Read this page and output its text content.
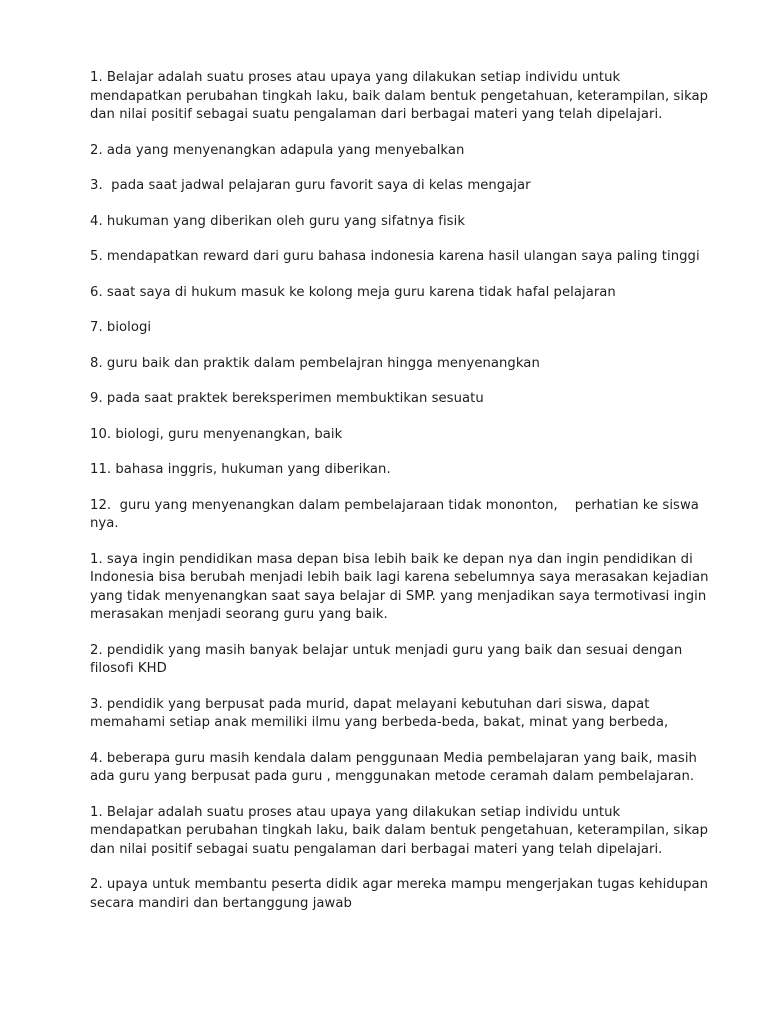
1. Belajar adalah suatu proses atau upaya yang dilakukan setiap individu untuk mendapatkan perubahan tingkah laku, baik dalam bentuk pengetahuan, keterampilan, sikap dan nilai positif sebagai suatu pengalaman dari berbagai materi yang telah dipelajari.

2. ada yang menyenangkan adapula yang menyebalkan

3.  pada saat jadwal pelajaran guru favorit saya di kelas mengajar

4. hukuman yang diberikan oleh guru yang sifatnya fisik

5. mendapatkan reward dari guru bahasa indonesia karena hasil ulangan saya paling tinggi

6. saat saya di hukum masuk ke kolong meja guru karena tidak hafal pelajaran

7. biologi

8. guru baik dan praktik dalam pembelajran hingga menyenangkan

9. pada saat praktek bereksperimen membuktikan sesuatu

10. biologi, guru menyenangkan, baik

11. bahasa inggris, hukuman yang diberikan.

12.  guru yang menyenangkan dalam pembelajaraan tidak mononton,    perhatian ke siswa nya.

1. saya ingin pendidikan masa depan bisa lebih baik ke depan nya dan ingin pendidikan di Indonesia bisa berubah menjadi lebih baik lagi karena sebelumnya saya merasakan kejadian yang tidak menyenangkan saat saya belajar di SMP. yang menjadikan saya termotivasi ingin merasakan menjadi seorang guru yang baik.

2. pendidik yang masih banyak belajar untuk menjadi guru yang baik dan sesuai dengan filosofi KHD

3. pendidik yang berpusat pada murid, dapat melayani kebutuhan dari siswa, dapat memahami setiap anak memiliki ilmu yang berbeda-beda, bakat, minat yang berbeda,

4. beberapa guru masih kendala dalam penggunaan Media pembelajaran yang baik, masih ada guru yang berpusat pada guru , menggunakan metode ceramah dalam pembelajaran.

1. Belajar adalah suatu proses atau upaya yang dilakukan setiap individu untuk mendapatkan perubahan tingkah laku, baik dalam bentuk pengetahuan, keterampilan, sikap dan nilai positif sebagai suatu pengalaman dari berbagai materi yang telah dipelajari.

2. upaya untuk membantu peserta didik agar mereka mampu mengerjakan tugas kehidupan secara mandiri dan bertanggung jawab
